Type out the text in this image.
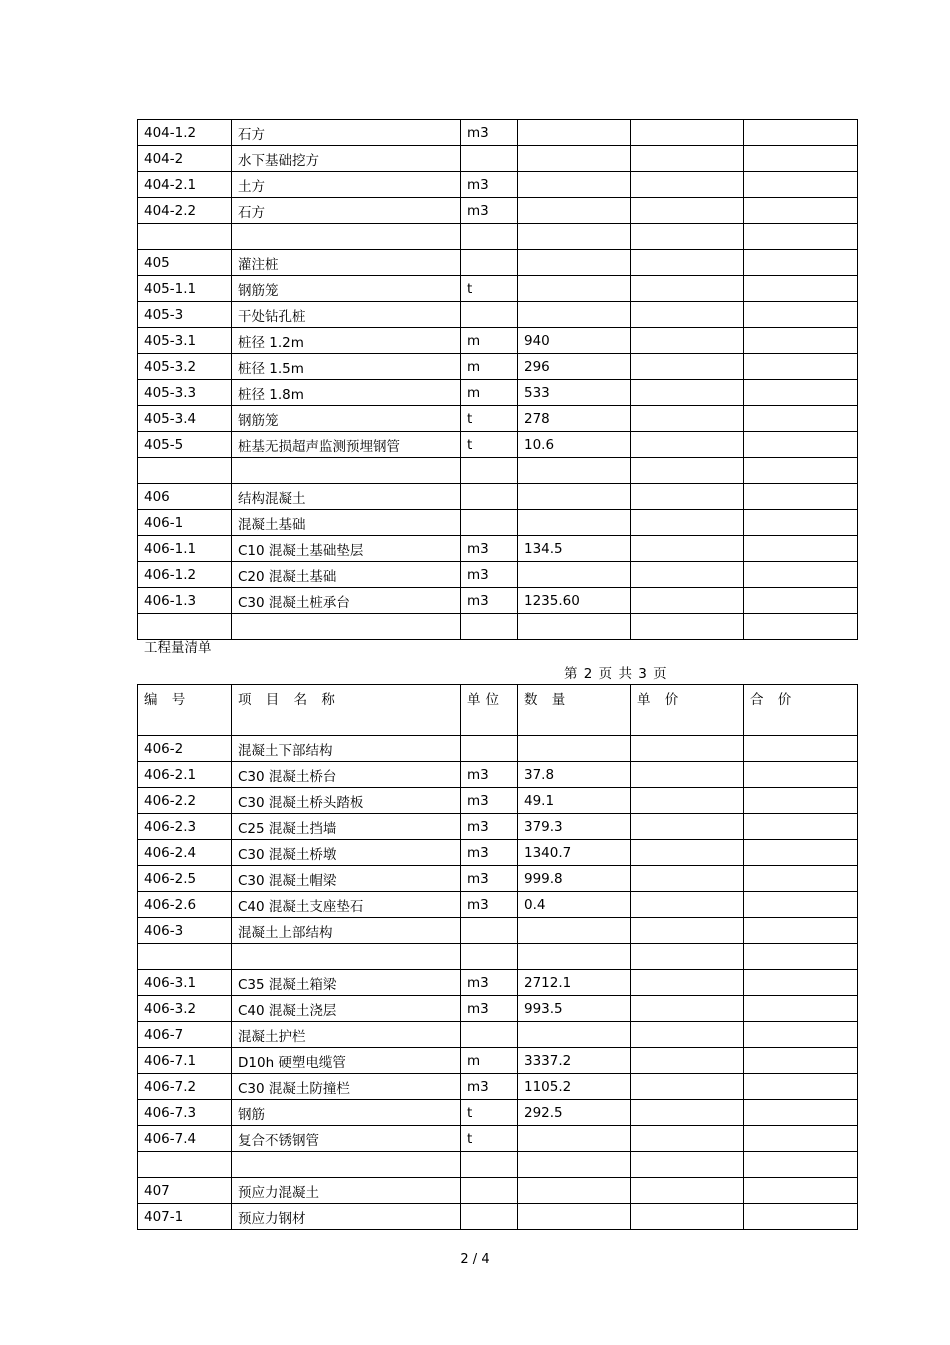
404-1.2	石方	m3			
404-2	水下基础挖方				
404-2.1	土方	m3			
404-2.2	石方	m3			

405	灌注桩				
405-1.1	钢筋笼	t			
405-3	干处钻孔桩				
405-3.1	桩径 1.2m	m	940		
405-3.2	桩径 1.5m	m	296		
405-3.3	桩径 1.8m	m	533		
405-3.4	钢筋笼	t	278		
405-5	桩基无损超声监测预埋钢管	t	10.6		

406	结构混凝土				
406-1	混凝土基础				
406-1.1	C10 混凝土基础垫层	m3	134.5		
406-1.2	C20 混凝土基础	m3			
406-1.3	C30 混凝土桩承台	m3	1235.60		

工程量清单
第 2 页 共 3 页
编 号	项 目 名 称	单位	数 量	单 价	合 价
406-2	混凝土下部结构				
406-2.1	C30 混凝土桥台	m3	37.8		
406-2.2	C30 混凝土桥头踏板	m3	49.1		
406-2.3	C25 混凝土挡墙	m3	379.3		
406-2.4	C30 混凝土桥墩	m3	1340.7		
406-2.5	C30 混凝土帽梁	m3	999.8		
406-2.6	C40 混凝土支座垫石	m3	0.4		
406-3	混凝土上部结构				

406-3.1	C35 混凝土箱梁	m3	2712.1		
406-3.2	C40 混凝土浇层	m3	993.5		
406-7	混凝土护栏				
406-7.1	D10h 硬塑电缆管	m	3337.2		
406-7.2	C30 混凝土防撞栏	m3	1105.2		
406-7.3	钢筋	t	292.5		
406-7.4	复合不锈钢管	t			

407	预应力混凝土				
407-1	预应力钢材				
2 / 4
